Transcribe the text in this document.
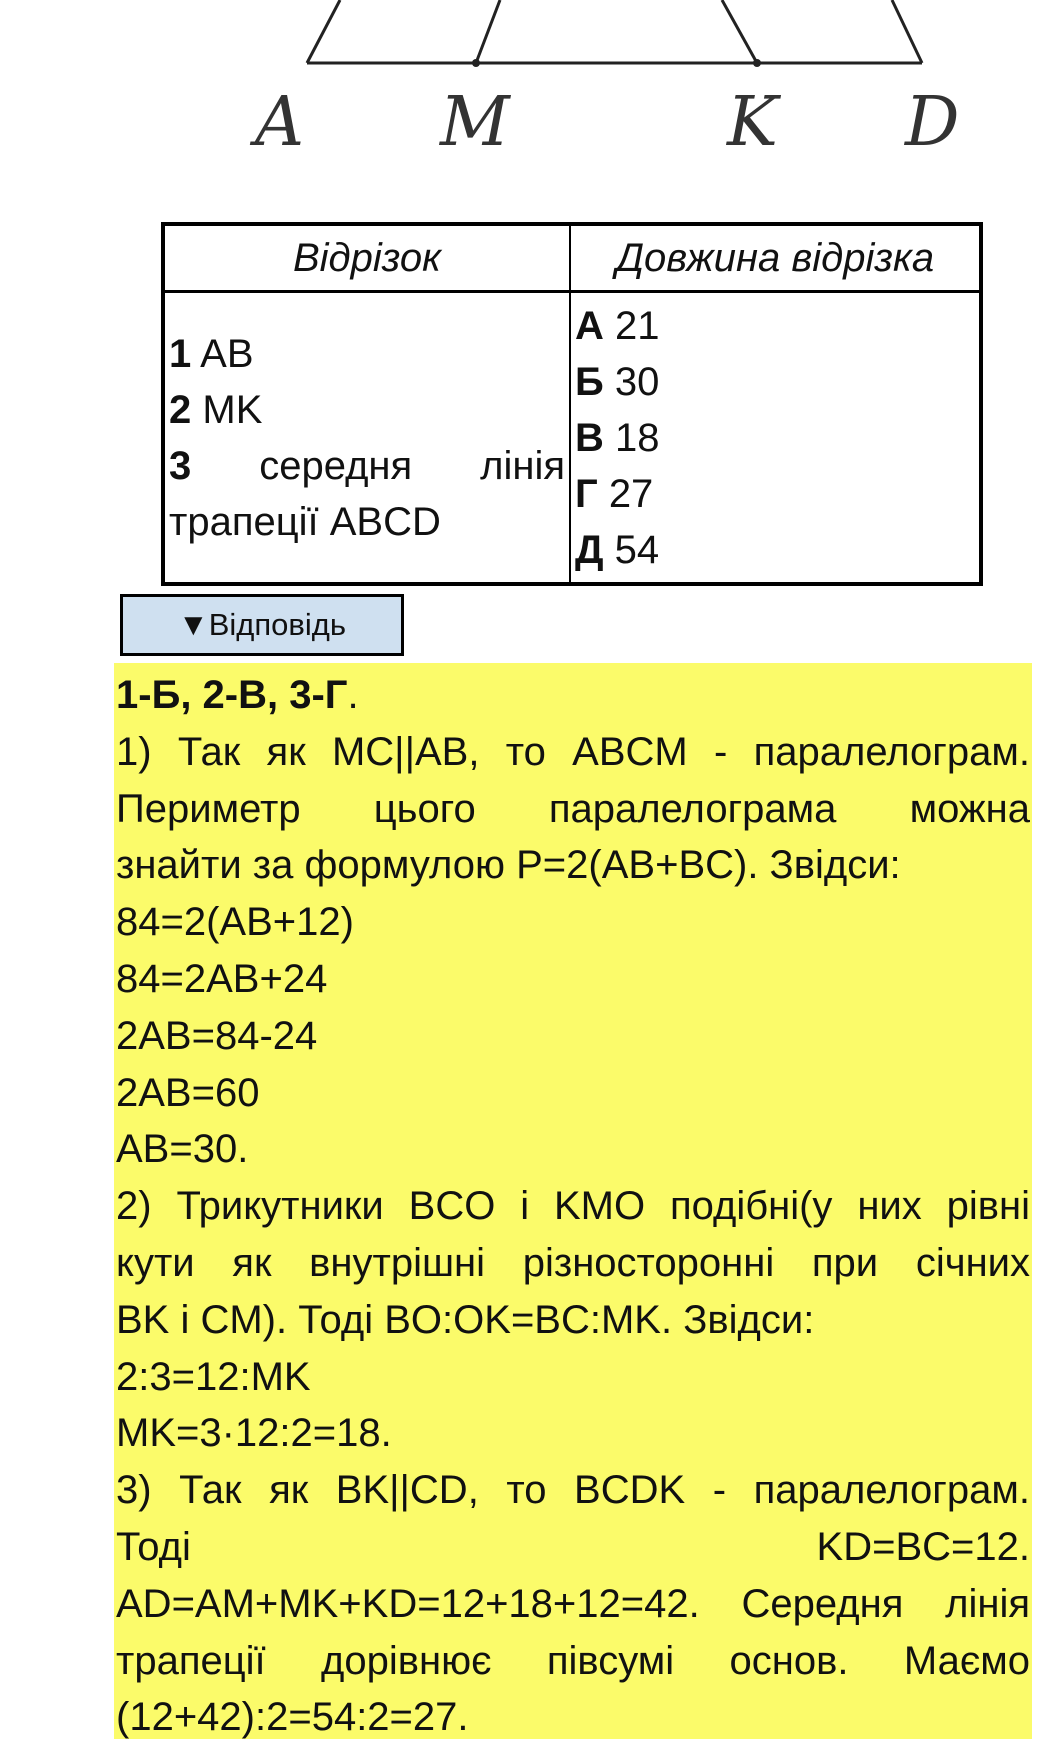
A M	K D
Відрізок	Довжина відрізка

1 AB
2 MK
3 середня лінія
трапеції ABCD	А 21
Б 30
В 18
Г 27
Д 54
▼Відповідь
1-Б, 2-В, 3-Г.
1) Так як MC||AB, то ABCM - паралелограм.
Периметр цього паралелограма можна
знайти за формулою P=2(AB+BC). Звідси:
84=2(AB+12)
84=2AB+24
2AB=84-24
2AB=60
AB=30.
2) Трикутники BCO і KMO подібні(у них рівні
кути як внутрішні різносторонні при січних
BK і CM). Тоді BO:OK=BC:MK. Звідси:
2:3=12:MK
MK=3·12:2=18.
3) Так як BK||CD, то BCDK - паралелограм.
Тоді KD=BC=12.
AD=AM+MK+KD=12+18+12=42. Середня лінія
трапеції дорівнює півсумі основ. Маємо
(12+42):2=54:2=27.
